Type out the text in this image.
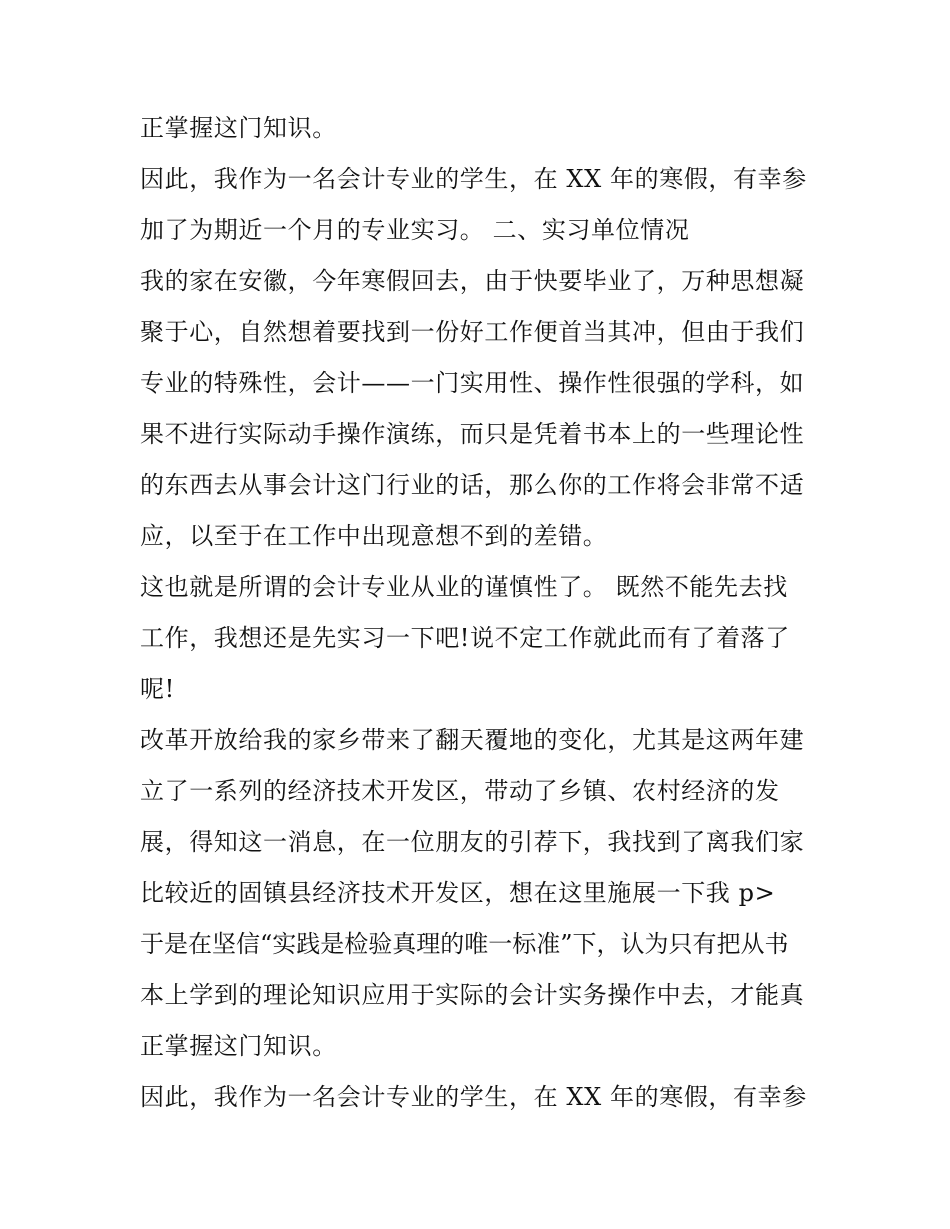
正掌握这门知识。
因此，我作为一名会计专业的学生，在 XX 年的寒假，有幸参
加了为期近一个月的专业实习。 二、实习单位情况
我的家在安徽，今年寒假回去，由于快要毕业了，万种思想凝
聚于心，自然想着要找到一份好工作便首当其冲，但由于我们
专业的特殊性，会计——一门实用性、操作性很强的学科，如
果不进行实际动手操作演练，而只是凭着书本上的一些理论性
的东西去从事会计这门行业的话，那么你的工作将会非常不适
应，以至于在工作中出现意想不到的差错。
这也就是所谓的会计专业从业的谨慎性了。 既然不能先去找
工作，我想还是先实习一下吧!说不定工作就此而有了着落了
呢!
改革开放给我的家乡带来了翻天覆地的变化，尤其是这两年建
立了一系列的经济技术开发区，带动了乡镇、农村经济的发
展，得知这一消息，在一位朋友的引荐下，我找到了离我们家
比较近的固镇县经济技术开发区，想在这里施展一下我 p>
于是在坚信“实践是检验真理的唯一标准”下，认为只有把从书
本上学到的理论知识应用于实际的会计实务操作中去，才能真
正掌握这门知识。
因此，我作为一名会计专业的学生，在 XX 年的寒假，有幸参
